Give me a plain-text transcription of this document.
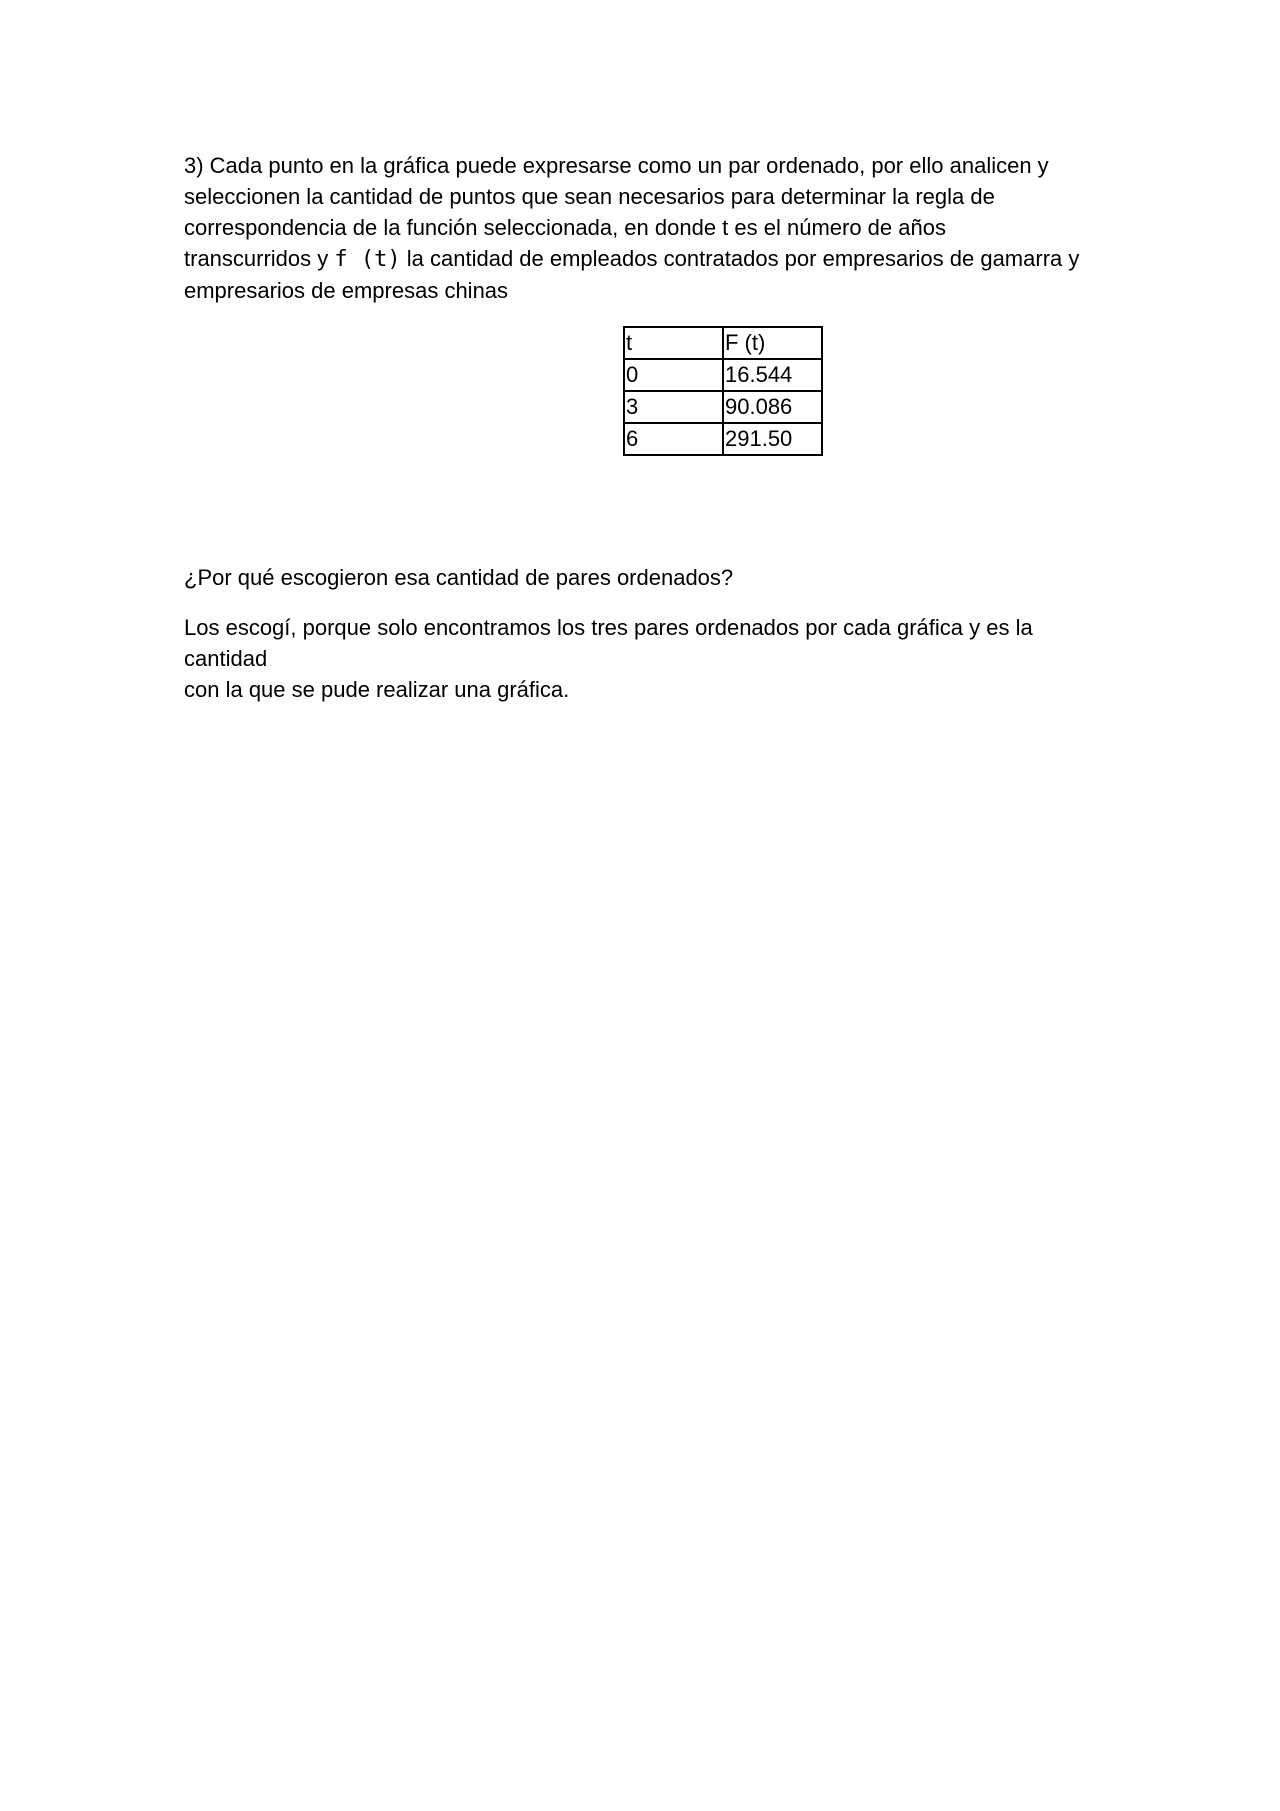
3) Cada punto en la gráfica puede expresarse como un par ordenado, por ello analicen y
seleccionen la cantidad de puntos que sean necesarios para determinar la regla de
correspondencia de la función seleccionada, en donde t es el número de años
transcurridos y f (t) la cantidad de empleados contratados por empresarios de gamarra y
empresarios de empresas chinas

t	F (t)
0	16.544
3	90.086
6	291.50

¿Por qué escogieron esa cantidad de pares ordenados?

Los escogí, porque solo encontramos los tres pares ordenados por cada gráfica y es la cantidad
con la que se pude realizar una gráfica.
